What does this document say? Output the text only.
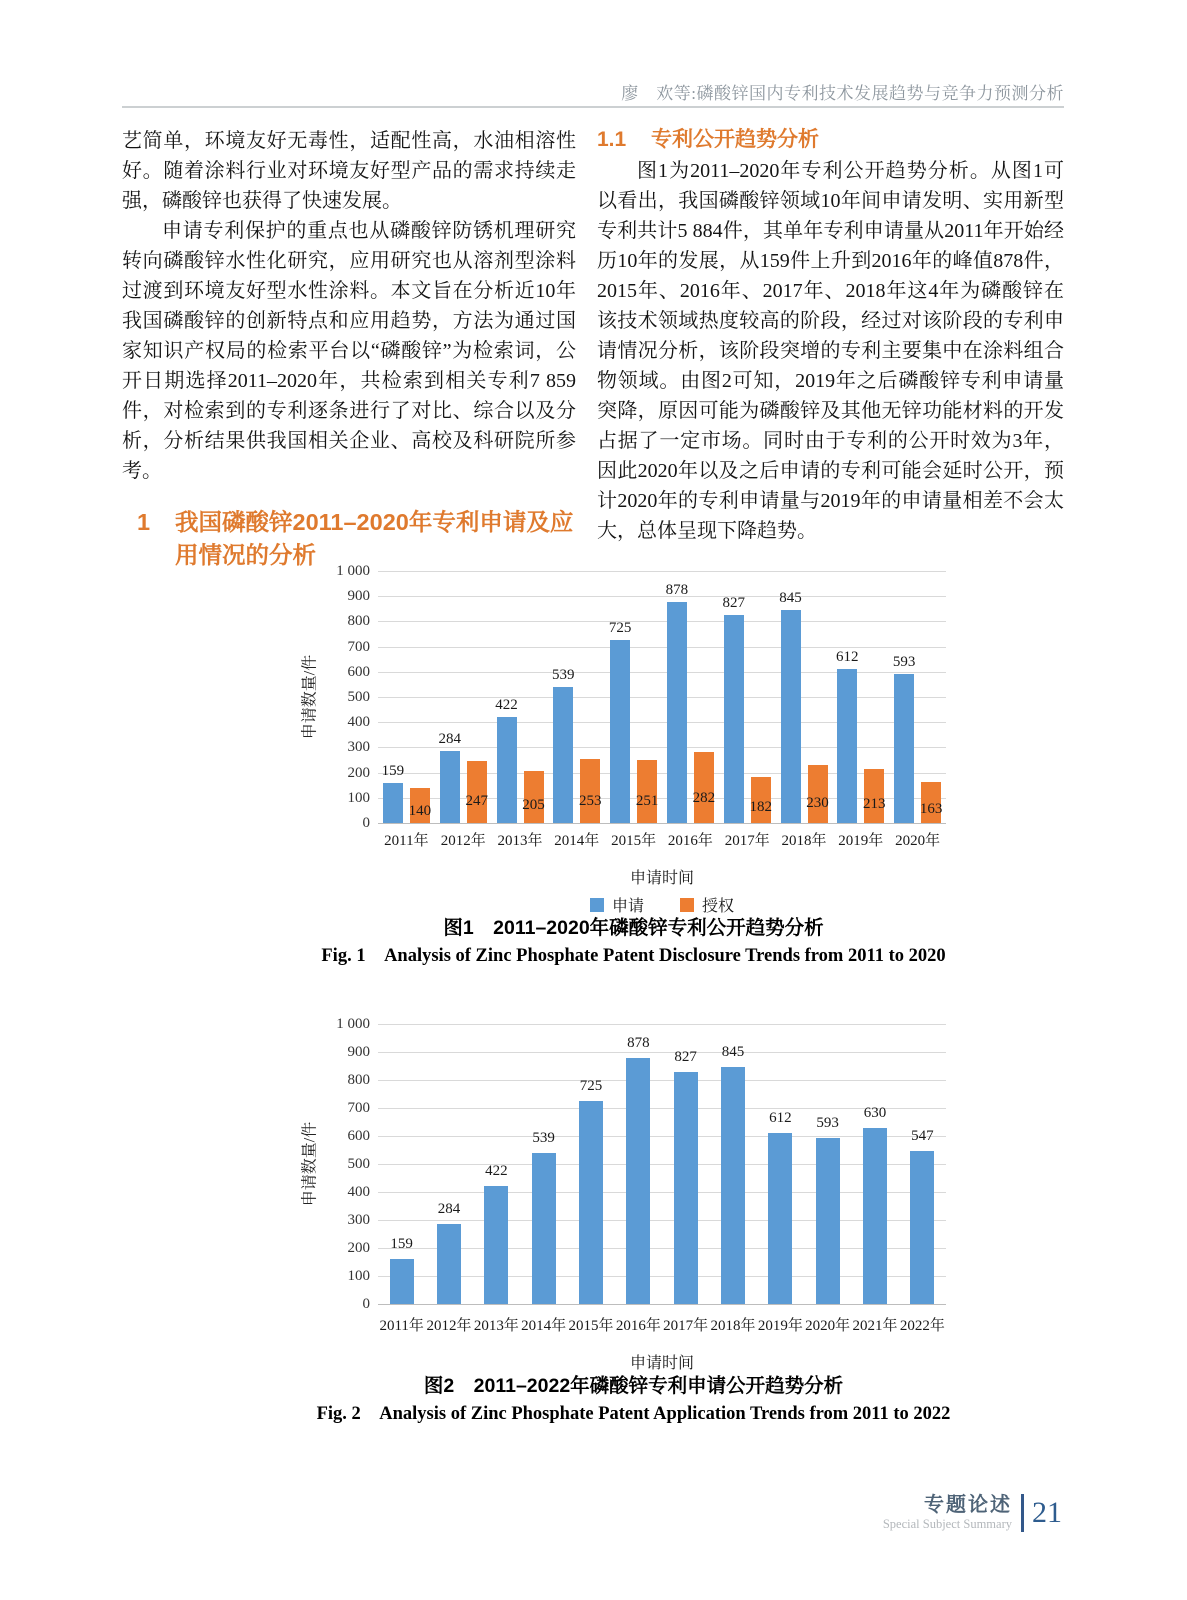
廖　欢等:磷酸锌国内专利技术发展趋势与竞争力预测分析

艺简单，环境友好无毒性，适配性高，水油相溶性好。随着涂料行业对环境友好型产品的需求持续走强，磷酸锌也获得了快速发展。

申请专利保护的重点也从磷酸锌防锈机理研究转向磷酸锌水性化研究，应用研究也从溶剂型涂料过渡到环境友好型水性涂料。本文旨在分析近10年我国磷酸锌的创新特点和应用趋势，方法为通过国家知识产权局的检索平台以“磷酸锌”为检索词，公开日期选择2011–2020年，共检索到相关专利7 859件，对检索到的专利逐条进行了对比、综合以及分析，分析结果供我国相关企业、高校及科研院所参考。

1	我国磷酸锌2011–2020年专利申请及应用情况的分析
1.1	专利公开趋势分析

图1为2011–2020年专利公开趋势分析。从图1可以看出，我国磷酸锌领域10年间申请发明、实用新型专利共计5 884件，其单年专利申请量从2011年开始经历10年的发展，从159件上升到2016年的峰值878件，2015年、2016年、2017年、2018年这4年为磷酸锌在该技术领域热度较高的阶段，经过对该阶段的专利申请情况分析，该阶段突增的专利主要集中在涂料组合物领域。由图2可知，2019年之后磷酸锌专利申请量突降，原因可能为磷酸锌及其他无锌功能材料的开发占据了一定市场。同时由于专利的公开时效为3年，因此2020年以及之后申请的专利可能会延时公开，预计2020年的专利申请量与2019年的申请量相差不会太大，总体呈现下降趋势。

0
100
200
300
400
500
600
700
800
900
1 000
申请数量/件
159
140
2011年
284
247
2012年
422
205
2013年
539
253
2014年
725
251
2015年
878
282
2016年
827
182
2017年
845
230
2018年
612
213
2019年
593
163
2020年
申请时间
申请	授权
图1　2011–2020年磷酸锌专利公开趋势分析
Fig. 1　Analysis of Zinc Phosphate Patent Disclosure Trends from 2011 to 2020
0
100
200
300
400
500
600
700
800
900
1 000
申请数量/件
159
2011年
284
2012年
422
2013年
539
2014年
725
2015年
878
2016年
827
2017年
845
2018年
612
2019年
593
2020年
630
2021年
547
2022年
申请时间
图2　2011–2022年磷酸锌专利申请公开趋势分析
Fig. 2　Analysis of Zinc Phosphate Patent Application Trends from 2011 to 2022
专题论述
Special Subject Summary 21
